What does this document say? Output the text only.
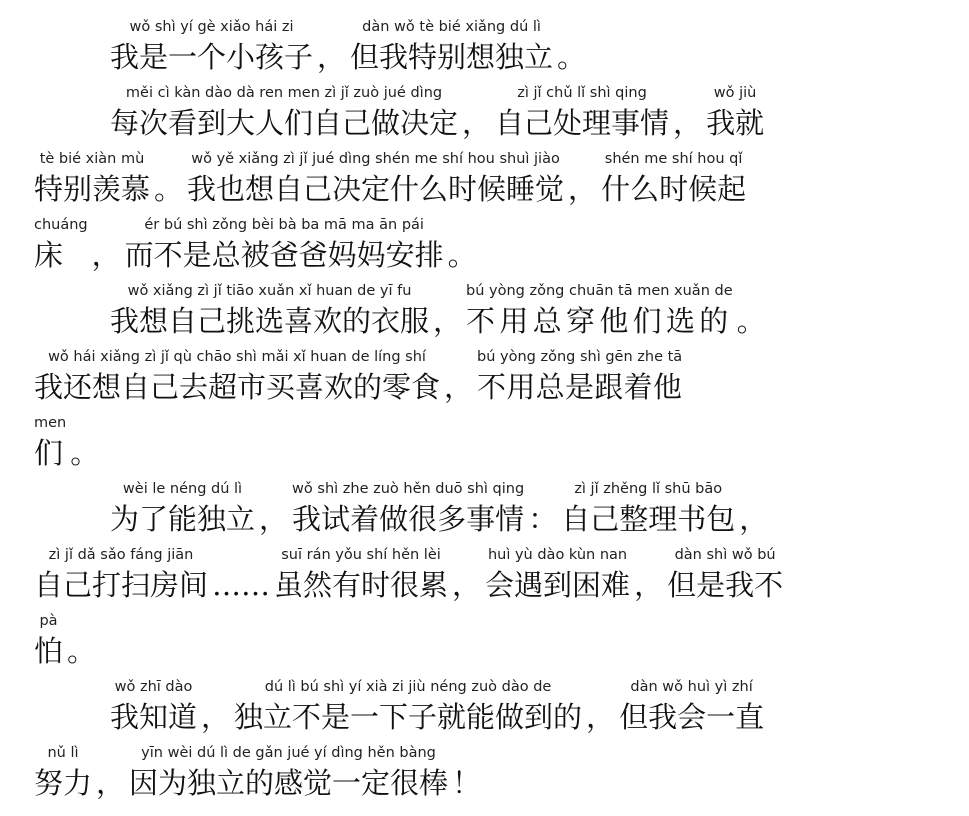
wǒ shì yí gè xiǎo hái zi
我是一个小孩子 ，
dàn wǒ tè bié xiǎng dú lì
但我特别想独立 。
měi cì kàn dào dà ren men zì jǐ zuò jué dìng
每次看到大人们自己做决定 ，
zì jǐ chǔ lǐ shì qing
自己处理事情 ，
wǒ jiù
我就
tè bié xiàn mù
特别羡慕 。
wǒ yě xiǎng zì jǐ jué dìng shén me shí hou shuì jiào
我也想自己决定什么时候睡觉 ，
shén me shí hou qǐ
什么时候起
chuáng
床 ，
ér bú shì zǒng bèi bà ba mā ma ān pái
而不是总被爸爸妈妈安排 。
wǒ xiǎng zì jǐ tiāo xuǎn xǐ huan de yī fu
我想自己挑选喜欢的衣服 ，
bú yòng zǒng chuān tā men xuǎn de
不用总穿他们选的 。
wǒ hái xiǎng zì jǐ qù chāo shì mǎi xǐ huan de líng shí
我还想自己去超市买喜欢的零食 ，
bú yòng zǒng shì gēn zhe tā
不用总是跟着他
men
们 。
wèi le néng dú lì
为了能独立 ，
wǒ shì zhe zuò hěn duō shì qing
我试着做很多事情 ：
zì jǐ zhěng lǐ shū bāo
自己整理书包 ，
zì jǐ dǎ sǎo fáng jiān
自己打扫房间 ……
suī rán yǒu shí hěn lèi
虽然有时很累 ，
huì yù dào kùn nan
会遇到困难 ，
dàn shì wǒ bú
但是我不
pà
怕 。
wǒ zhī dào
我知道 ，
dú lì bú shì yí xià zi jiù néng zuò dào de
独立不是一下子就能做到的 ，
dàn wǒ huì yì zhí
但我会一直
nǔ lì
努力 ，
yīn wèi dú lì de gǎn jué yí dìng hěn bàng
因为独立的感觉一定很棒 ！
